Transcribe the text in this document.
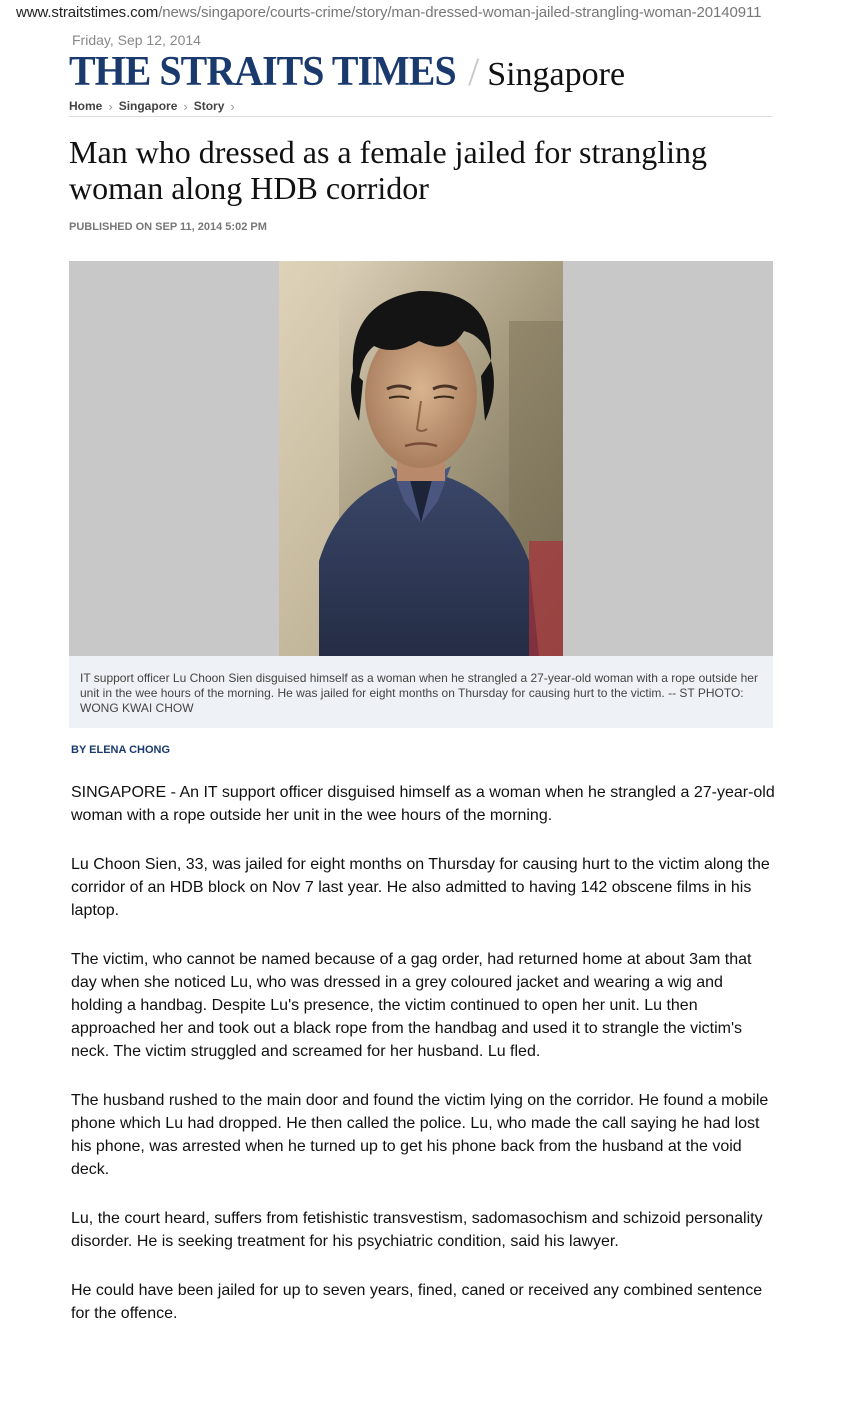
www.straitstimes.com/news/singapore/courts-crime/story/man-dressed-woman-jailed-strangling-woman-20140911
Friday, Sep 12, 2014
THE STRAITS TIMES / Singapore
Home › Singapore › Story ›
Man who dressed as a female jailed for strangling woman along HDB corridor
PUBLISHED ON SEP 11, 2014 5:02 PM
IT support officer Lu Choon Sien disguised himself as a woman when he strangled a 27-year-old woman with a rope outside her unit in the wee hours of the morning. He was jailed for eight months on Thursday for causing hurt to the victim. -- ST PHOTO: WONG KWAI CHOW
BY ELENA CHONG

SINGAPORE - An IT support officer disguised himself as a woman when he strangled a 27-year-old woman with a rope outside her unit in the wee hours of the morning.

Lu Choon Sien, 33, was jailed for eight months on Thursday for causing hurt to the victim along the corridor of an HDB block on Nov 7 last year. He also admitted to having 142 obscene films in his laptop.

The victim, who cannot be named because of a gag order, had returned home at about 3am that day when she noticed Lu, who was dressed in a grey coloured jacket and wearing a wig and holding a handbag. Despite Lu's presence, the victim continued to open her unit. Lu then approached her and took out a black rope from the handbag and used it to strangle the victim's neck. The victim struggled and screamed for her husband. Lu fled.

The husband rushed to the main door and found the victim lying on the corridor. He found a mobile phone which Lu had dropped. He then called the police. Lu, who made the call saying he had lost his phone, was arrested when he turned up to get his phone back from the husband at the void deck.

Lu, the court heard, suffers from fetishistic transvestism, sadomasochism and schizoid personality disorder. He is seeking treatment for his psychiatric condition, said his lawyer.

He could have been jailed for up to seven years, fined, caned or received any combined sentence for the offence.
